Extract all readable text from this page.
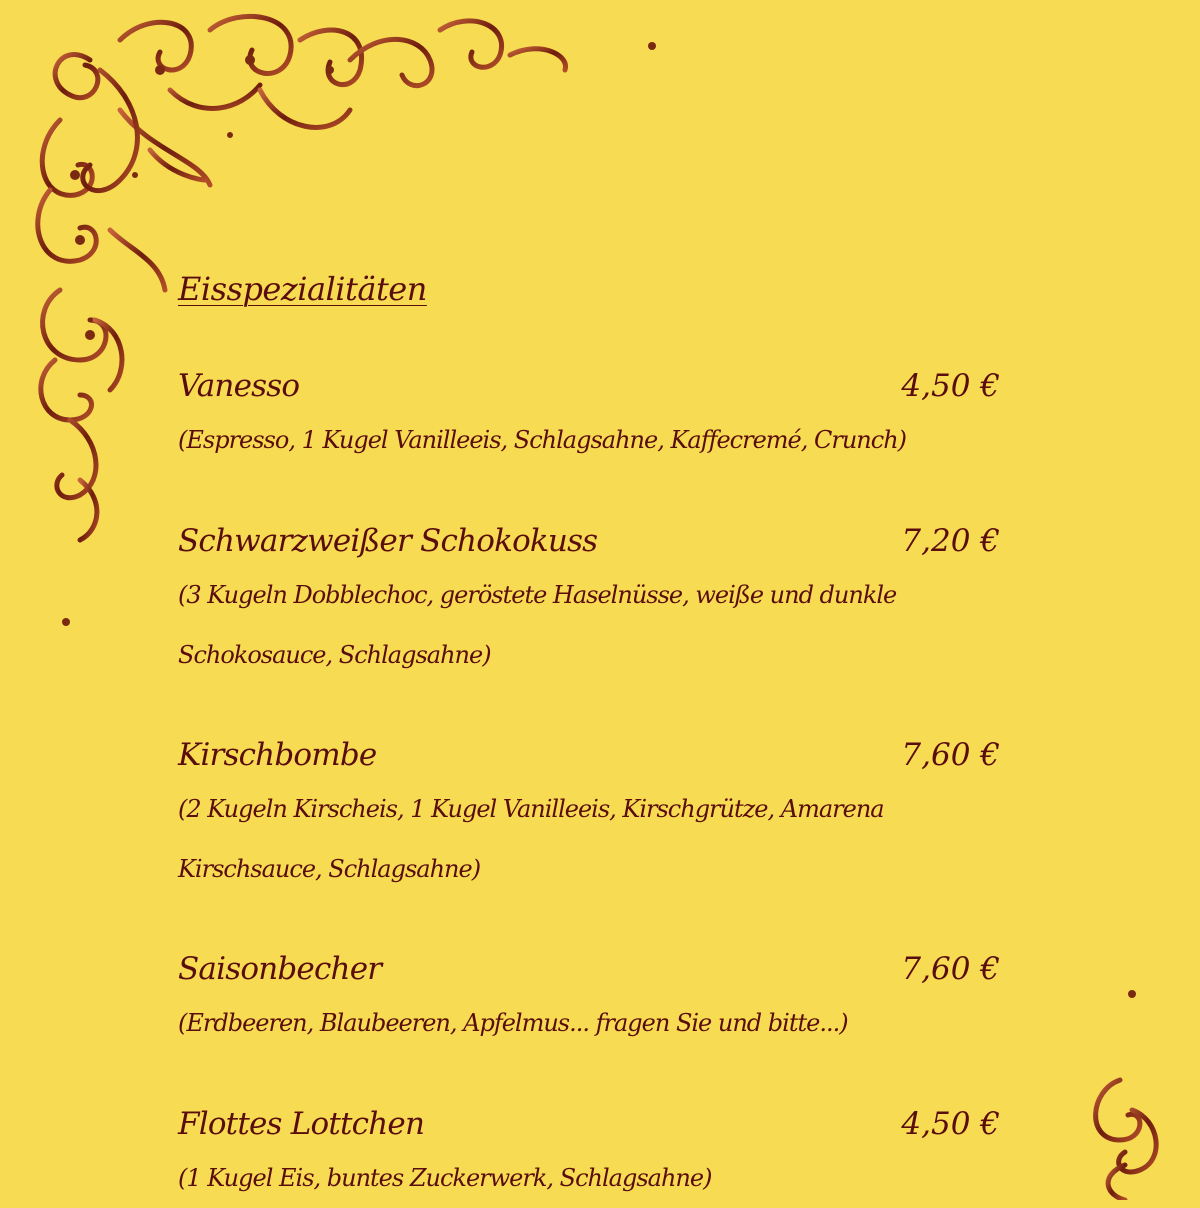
Eisspezialitäten
Vanesso	4,50 €
(Espresso, 1 Kugel Vanilleeis, Schlagsahne, Kaffecremé, Crunch)
Schwarzweißer Schokokuss	7,20 €
(3 Kugeln Dobblechoc, geröstete Haselnüsse, weiße und dunkle Schokosauce, Schlagsahne)
Kirschbombe	7,60 €
(2 Kugeln Kirscheis, 1 Kugel Vanilleeis, Kirschgrütze, Amarena Kirschsauce, Schlagsahne)
Saisonbecher	7,60 €
(Erdbeeren, Blaubeeren, Apfelmus... fragen Sie und bitte...)
Flottes Lottchen	4,50 €
(1 Kugel Eis, buntes Zuckerwerk, Schlagsahne)
